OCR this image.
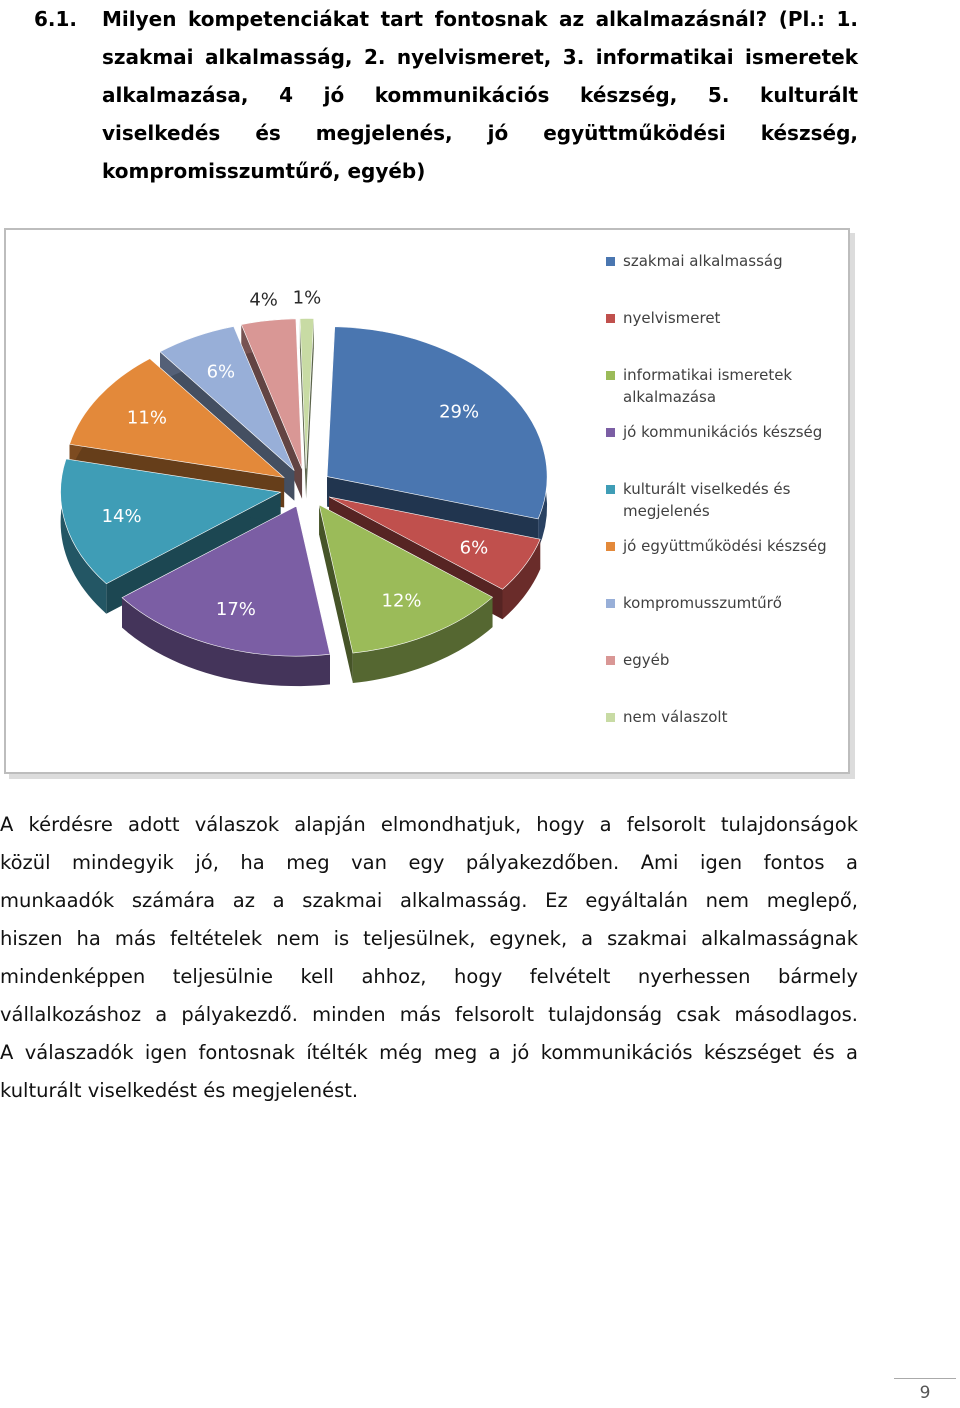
6.1. Milyen kompetenciákat tart fontosnak az alkalmazásnál? (Pl.: 1.
szakmai alkalmasság, 2. nyelvismeret, 3. informatikai ismeretek
alkalmazása, 4 jó kommunikációs készség, 5. kulturált
viselkedés és megjelenés, jó együttműködési készség,
kompromisszumtűrő, egyéb)
29%
6%
12%
17%
14%
11%
6%
4% 1%
szakmai alkalmasság
nyelvismeret
informatikai ismeretek alkalmazása
jó kommunikációs készség
kulturált viselkedés és megjelenés
jó együttműködési készség
kompromusszumtűrő
egyéb
nem válaszolt
A kérdésre adott válaszok alapján elmondhatjuk, hogy a felsorolt tulajdonságok
közül mindegyik jó, ha meg van egy pályakezdőben. Ami igen fontos a
munkaadók számára az a szakmai alkalmasság. Ez egyáltalán nem meglepő,
hiszen ha más feltételek nem is teljesülnek, egynek, a szakmai alkalmasságnak
mindenképpen teljesülnie kell ahhoz, hogy felvételt nyerhessen bármely
vállalkozáshoz a pályakezdő. minden más felsorolt tulajdonság csak másodlagos.
A válaszadók igen fontosnak ítélték még meg a jó kommunikációs készséget és a
kulturált viselkedést és megjelenést.
9
